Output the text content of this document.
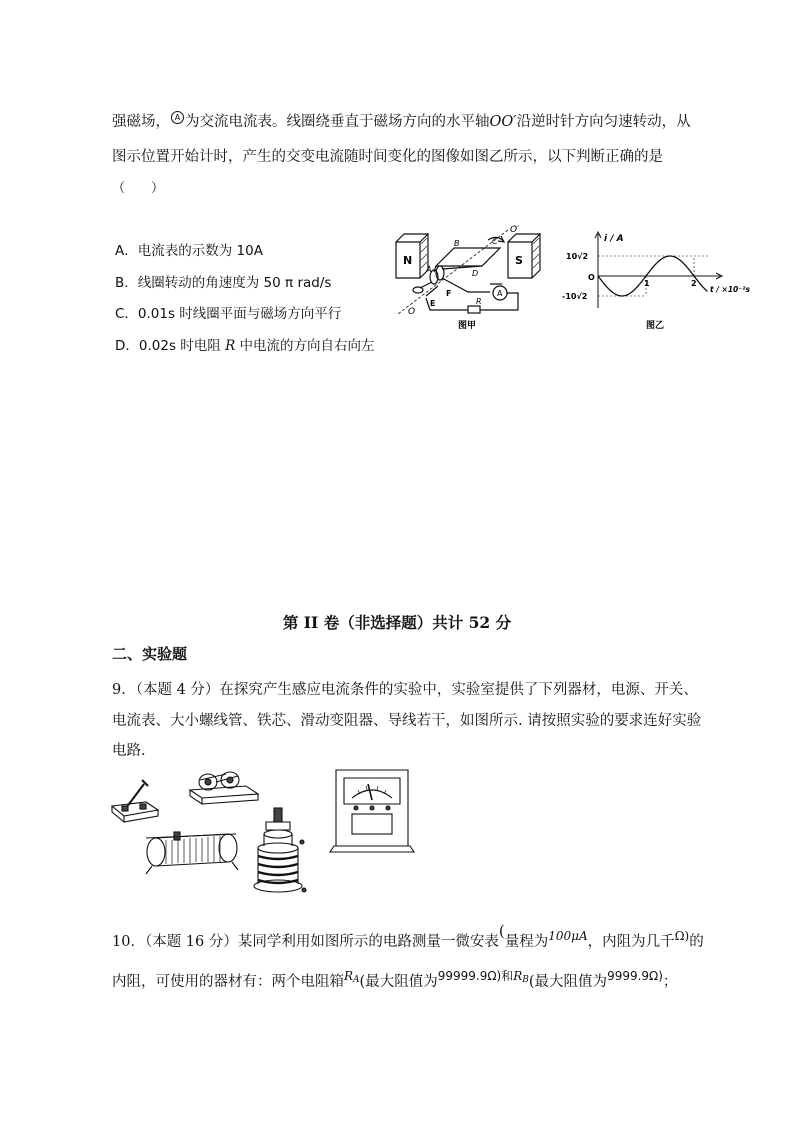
强磁场， A 为交流电流表。线圈绕垂直于磁场方向的水平轴OO′沿逆时针方向匀速转动，从
图示位置开始计时，产生的交变电流随时间变化的图像如图乙所示，以下判断正确的是
（　　）
A．电流表的示数为 10A
B．线圈转动的角速度为 50 π rad/s
C．0.01s 时线圈平面与磁场方向平行
D．0.02s 时电阻 R 中电流的方向自右向左
N	S
O′
C
B
A	D
F
E
O
R
A
图甲
i / A
10√2
O
-10√2
1	2
t / ×10⁻²s
图乙
第 II 卷（非选择题）共计 52 分
二、实验题
9．（本题 4 分）在探究产生感应电流条件的实验中，实验室提供了下列器材，电源、开关、
电流表、大小螺线管、铁芯、滑动变阻器、导线若干，如图所示. 请按照实验的要求连好实验
电路.
10．（本题 16 分）某同学利用如图所示的电路测量一微安表(量程为$^{100\mu A}$，内阻为几千$^{\Omega)}$的
内阻，可使用的器材有：两个电阻箱$^{RA}$(最大阻值为$^{99999.9\Omega)和RB}$(最大阻值为$^{9999.9\Omega)}$；
